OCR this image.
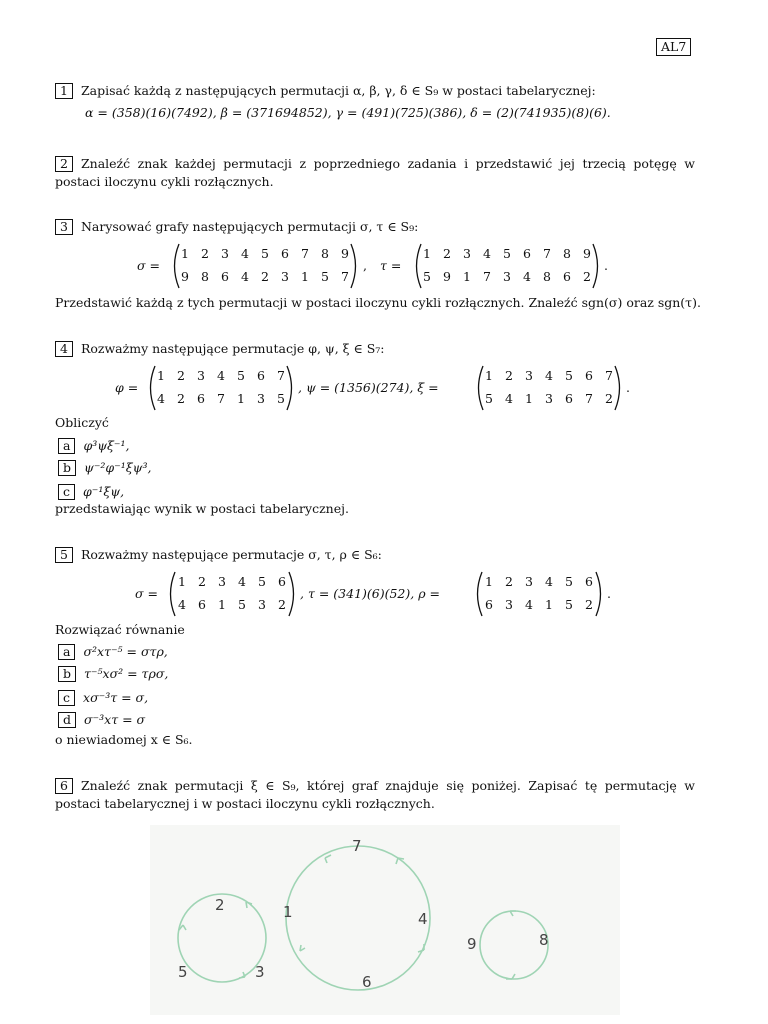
AL7
1 Zapisać każdą z następujących permutacji α, β, γ, δ ∈ S₉ w postaci tabelarycznej:
α = (358)(16)(7492), β = (371694852), γ = (491)(725)(386), δ = (2)(741935)(8)(6).
2 Znaleźć znak każdej permutacji z poprzedniego zadania i przedstawić jej trzecią potęgę w postaci iloczynu cykli rozłącznych.
3 Narysować grafy następujących permutacji σ, τ ∈ S₉:
σ =
1 2 3 4 5 6 7 8 9
9 8 6 4 2 3 1 5 7
, τ =
1 2 3 4 5 6 7 8 9
5 9 1 7 3 4 8 6 2
.
Przedstawić każdą z tych permutacji w postaci iloczynu cykli rozłącznych. Znaleźć sgn(σ) oraz sgn(τ).
4 Rozważmy następujące permutacje φ, ψ, ξ ∈ S₇:
φ =
1 2 3 4 5 6 7
4 2 6 7 1 3 5
, ψ = (1356)(274), ξ =
1 2 3 4 5 6 7
5 4 1 3 6 7 2
.
Obliczyć
a φ³ψξ⁻¹,
b ψ⁻²φ⁻¹ξψ³,
c φ⁻¹ξψ,
przedstawiając wynik w postaci tabelarycznej.
5 Rozważmy następujące permutacje σ, τ, ρ ∈ S₆:
σ =
1 2 3 4 5 6
4 6 1 5 3 2
, τ = (341)(6)(52), ρ =
1 2 3 4 5 6
6 3 4 1 5 2
.
Rozwiązać równanie
a σ²xτ⁻⁵ = στρ,
b τ⁻⁵xσ² = τρσ,
c xσ⁻³τ = σ,
d σ⁻³xτ = σ
o niewiadomej x ∈ S₆.
6 Znaleźć znak permutacji ξ ∈ S₉, której graf znajduje się poniżej. Zapisać tę permutację w postaci tabelarycznej i w postaci iloczynu cykli rozłącznych.
2
5	3
1
7
4
6
9	8
